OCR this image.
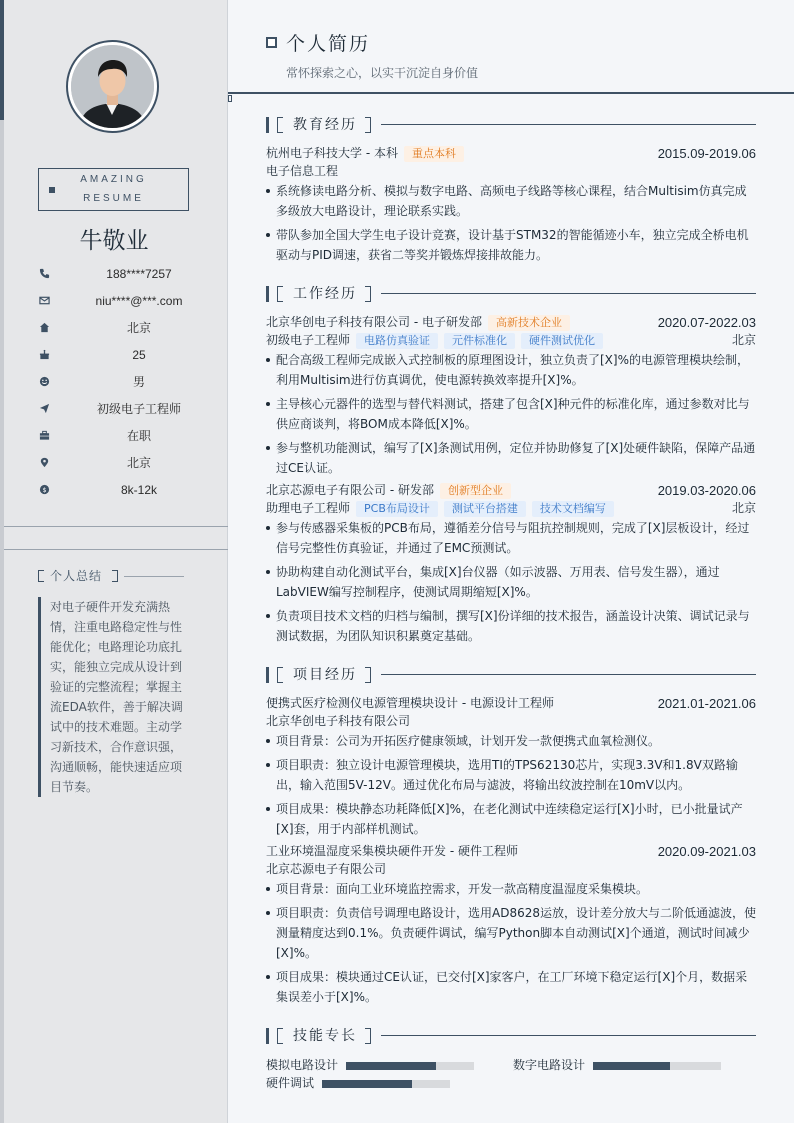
AMAZING
RESUME
牛敬业
188****7257
niu****@***.com
北京
25
男
初级电子工程师
在职
北京
$	8k-12k
个人总结
对电子硬件开发充满热情，注重电路稳定性与性能优化；电路理论功底扎实，能独立完成从设计到验证的完整流程；掌握主流EDA软件，善于解决调试中的技术难题。主动学习新技术，合作意识强，沟通顺畅，能快速适应项目节奏。
个人简历
常怀探索之心，以实干沉淀自身价值
教育经历
杭州电子科技大学 - 本科 重点本科	2015.09-2019.06
电子信息工程
系统修读电路分析、模拟与数字电路、高频电子线路等核心课程，结合Multisim仿真完成多级放大电路设计，理论联系实践。
带队参加全国大学生电子设计竞赛，设计基于STM32的智能循迹小车，独立完成全桥电机驱动与PID调速，获省二等奖并锻炼焊接排故能力。
工作经历
北京华创电子科技有限公司 - 电子研发部 高新技术企业	2020.07-2022.03
初级电子工程师 电路仿真验证 元件标准化 硬件测试优化	北京
配合高级工程师完成嵌入式控制板的原理图设计，独立负责了[X]%的电源管理模块绘制，利用Multisim进行仿真调优，使电源转换效率提升[X]%。
主导核心元器件的选型与替代料测试，搭建了包含[X]种元件的标准化库，通过参数对比与供应商谈判，将BOM成本降低[X]%。
参与整机功能测试，编写了[X]条测试用例，定位并协助修复了[X]处硬件缺陷，保障产品通过CE认证。
北京芯源电子有限公司 - 研发部 创新型企业	2019.03-2020.06
助理电子工程师 PCB布局设计 测试平台搭建 技术文档编写	北京
参与传感器采集板的PCB布局，遵循差分信号与阻抗控制规则，完成了[X]层板设计，经过信号完整性仿真验证，并通过了EMC预测试。
协助构建自动化测试平台，集成[X]台仪器（如示波器、万用表、信号发生器），通过LabVIEW编写控制程序，使测试周期缩短[X]%。
负责项目技术文档的归档与编制，撰写[X]份详细的技术报告，涵盖设计决策、调试记录与测试数据，为团队知识积累奠定基础。
项目经历
便携式医疗检测仪电源管理模块设计 - 电源设计工程师	2021.01-2021.06
北京华创电子科技有限公司
项目背景：公司为开拓医疗健康领域，计划开发一款便携式血氧检测仪。
项目职责：独立设计电源管理模块，选用TI的TPS62130芯片，实现3.3V和1.8V双路输出，输入范围5V-12V。通过优化布局与滤波，将输出纹波控制在10mV以内。
项目成果：模块静态功耗降低[X]%，在老化测试中连续稳定运行[X]小时，已小批量试产[X]套，用于内部样机测试。
工业环境温湿度采集模块硬件开发 - 硬件工程师	2020.09-2021.03
北京芯源电子有限公司
项目背景：面向工业环境监控需求，开发一款高精度温湿度采集模块。
项目职责：负责信号调理电路设计，选用AD8628运放，设计差分放大与二阶低通滤波，使测量精度达到0.1%。负责硬件调试，编写Python脚本自动测试[X]个通道，测试时间减少[X]%。
项目成果：模块通过CE认证，已交付[X]家客户，在工厂环境下稳定运行[X]个月，数据采集误差小于[X]%。
技能专长
模拟电路设计	数字电路设计
硬件调试
